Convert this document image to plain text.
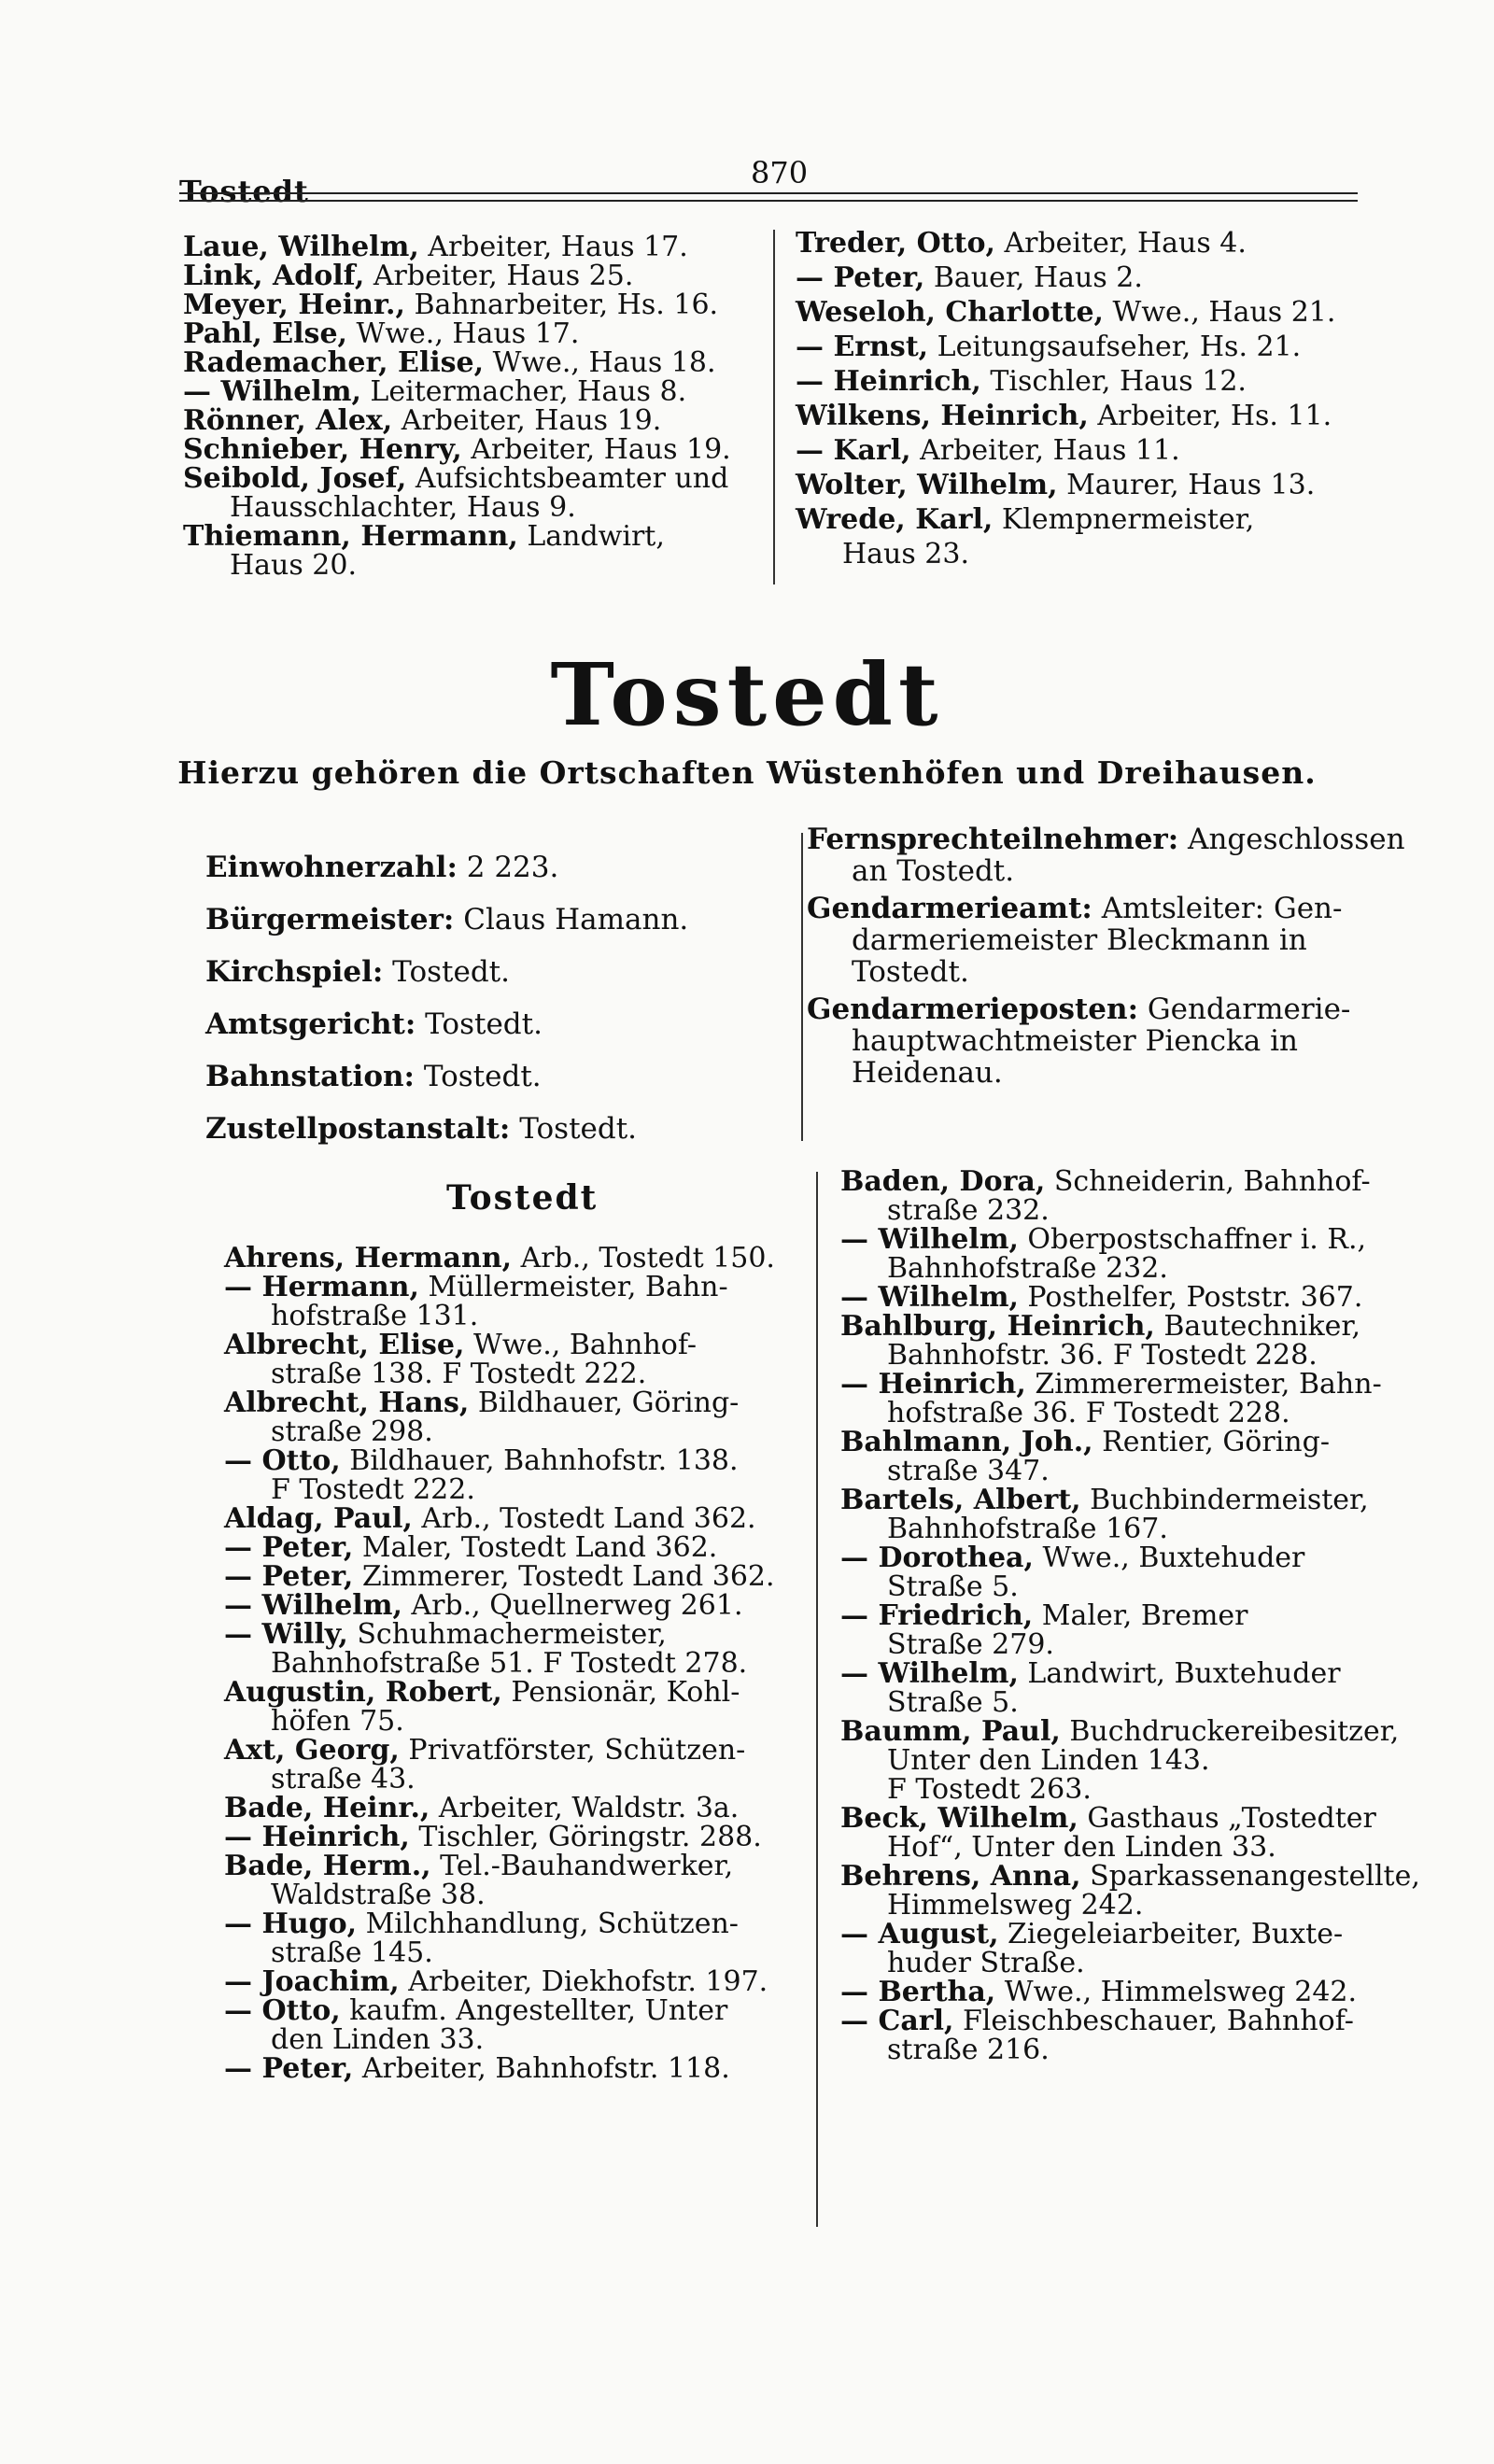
Tostedt
870
Laue, Wilhelm, Arbeiter, Haus 17.
Link, Adolf, Arbeiter, Haus 25.
Meyer, Heinr., Bahnarbeiter, Hs. 16.
Pahl, Else, Wwe., Haus 17.
Rademacher, Elise, Wwe., Haus 18.
— Wilhelm, Leitermacher, Haus 8.
Rönner, Alex, Arbeiter, Haus 19.
Schnieber, Henry, Arbeiter, Haus 19.
Seibold, Josef, Aufsichtsbeamter und
Hausschlachter, Haus 9.
Thiemann, Hermann, Landwirt,
Haus 20.
Treder, Otto, Arbeiter, Haus 4.
— Peter, Bauer, Haus 2.
Weseloh, Charlotte, Wwe., Haus 21.
— Ernst, Leitungsaufseher, Hs. 21.
— Heinrich, Tischler, Haus 12.
Wilkens, Heinrich, Arbeiter, Hs. 11.
— Karl, Arbeiter, Haus 11.
Wolter, Wilhelm, Maurer, Haus 13.
Wrede, Karl, Klempnermeister,
Haus 23.
Tostedt
Hierzu gehören die Ortschaften Wüstenhöfen und Dreihausen.
Einwohnerzahl: 2 223.
Bürgermeister: Claus Hamann.
Kirchspiel: Tostedt.
Amtsgericht: Tostedt.
Bahnstation: Tostedt.
Zustellpostanstalt: Tostedt.
Fernsprechteilnehmer: Angeschlossen
an Tostedt.
Gendarmerieamt: Amtsleiter: Gen-
darmeriemeister Bleckmann in
Tostedt.
Gendarmerieposten: Gendarmerie-
hauptwachtmeister Piencka in
Heidenau.
Tostedt
Ahrens, Hermann, Arb., Tostedt 150.
— Hermann, Müllermeister, Bahn-
hofstraße 131.
Albrecht, Elise, Wwe., Bahnhof-
straße 138. F Tostedt 222.
Albrecht, Hans, Bildhauer, Göring-
straße 298.
— Otto, Bildhauer, Bahnhofstr. 138.
F Tostedt 222.
Aldag, Paul, Arb., Tostedt Land 362.
— Peter, Maler, Tostedt Land 362.
— Peter, Zimmerer, Tostedt Land 362.
— Wilhelm, Arb., Quellnerweg 261.
— Willy, Schuhmachermeister,
Bahnhofstraße 51. F Tostedt 278.
Augustin, Robert, Pensionär, Kohl-
höfen 75.
Axt, Georg, Privatförster, Schützen-
straße 43.
Bade, Heinr., Arbeiter, Waldstr. 3a.
— Heinrich, Tischler, Göringstr. 288.
Bade, Herm., Tel.-Bauhandwerker,
Waldstraße 38.
— Hugo, Milchhandlung, Schützen-
straße 145.
— Joachim, Arbeiter, Diekhofstr. 197.
— Otto, kaufm. Angestellter, Unter
den Linden 33.
— Peter, Arbeiter, Bahnhofstr. 118.
Baden, Dora, Schneiderin, Bahnhof-
straße 232.
— Wilhelm, Oberpostschaffner i. R.,
Bahnhofstraße 232.
— Wilhelm, Posthelfer, Poststr. 367.
Bahlburg, Heinrich, Bautechniker,
Bahnhofstr. 36. F Tostedt 228.
— Heinrich, Zimmerermeister, Bahn-
hofstraße 36. F Tostedt 228.
Bahlmann, Joh., Rentier, Göring-
straße 347.
Bartels, Albert, Buchbindermeister,
Bahnhofstraße 167.
— Dorothea, Wwe., Buxtehuder
Straße 5.
— Friedrich, Maler, Bremer
Straße 279.
— Wilhelm, Landwirt, Buxtehuder
Straße 5.
Baumm, Paul, Buchdruckereibesitzer,
Unter den Linden 143.
F Tostedt 263.
Beck, Wilhelm, Gasthaus „Tostedter
Hof“, Unter den Linden 33.
Behrens, Anna, Sparkassenangestellte,
Himmelsweg 242.
— August, Ziegeleiarbeiter, Buxte-
huder Straße.
— Bertha, Wwe., Himmelsweg 242.
— Carl, Fleischbeschauer, Bahnhof-
straße 216.
